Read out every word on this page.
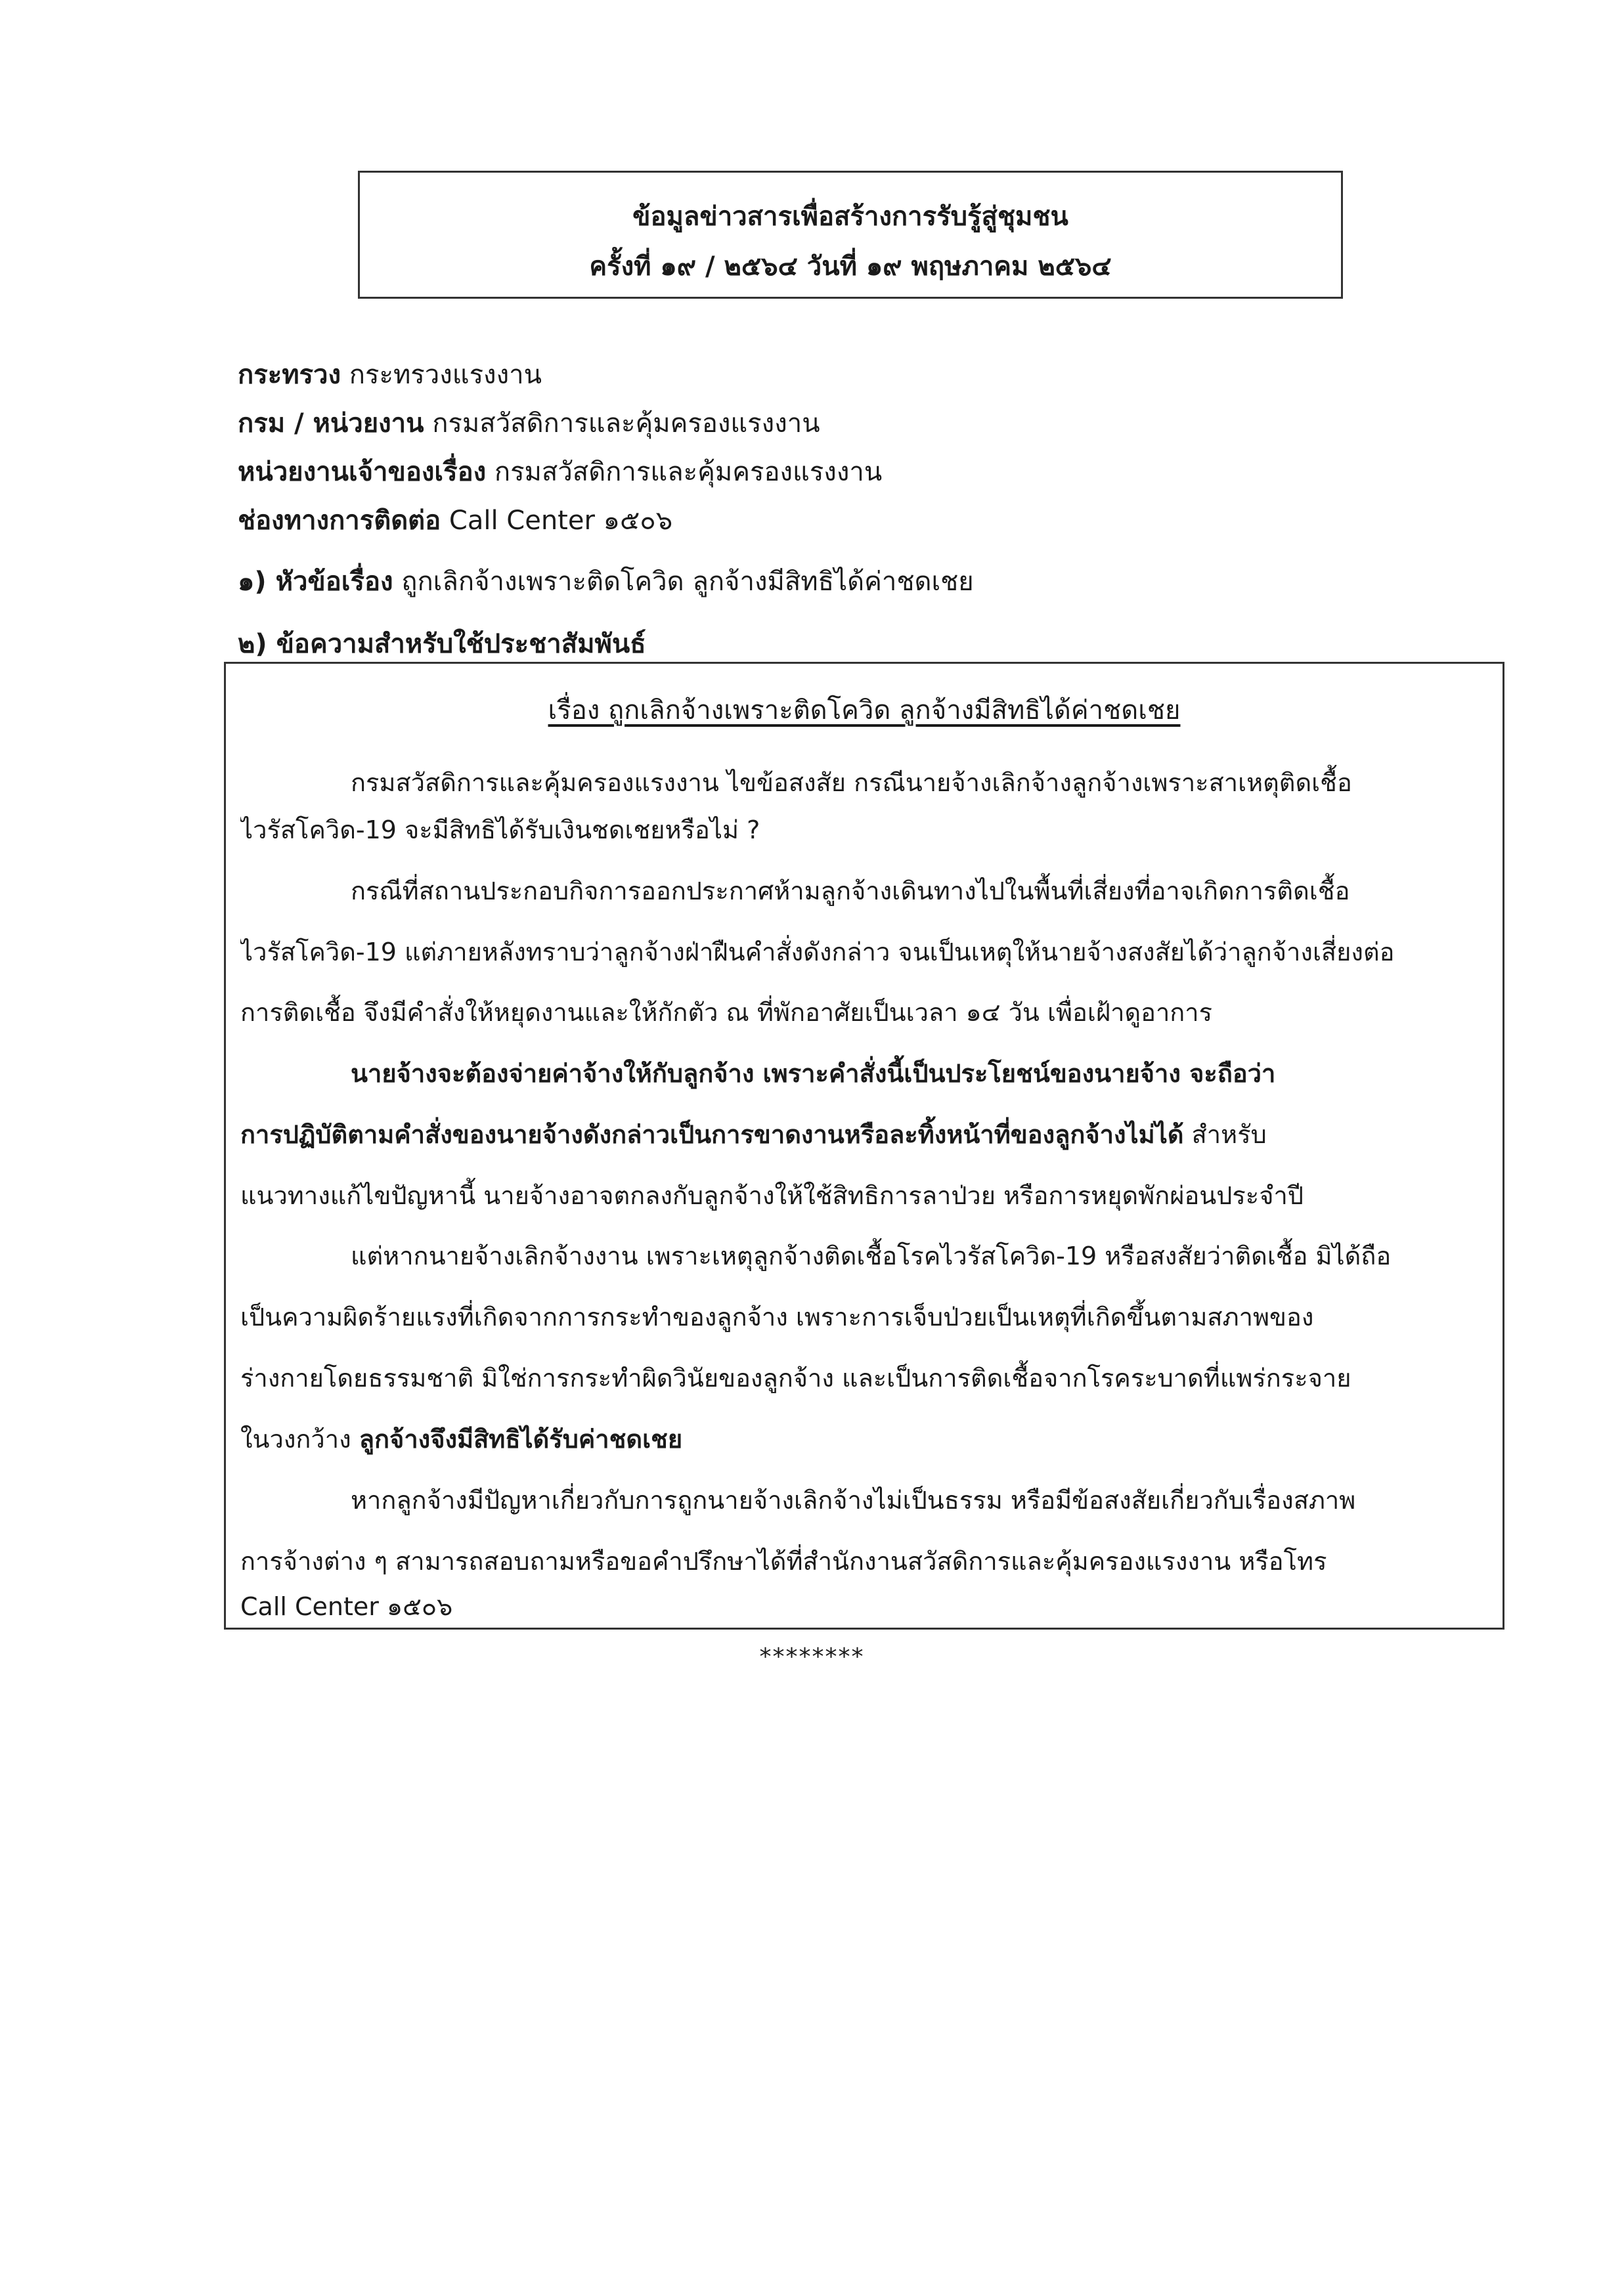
ข้อมูลข่าวสารเพื่อสร้างการรับรู้สู่ชุมชน
ครั้งที่ ๑๙ / ๒๕๖๔ วันที่ ๑๙ พฤษภาคม ๒๕๖๔
กระทรวง กระทรวงแรงงาน
กรม / หน่วยงาน กรมสวัสดิการและคุ้มครองแรงงาน
หน่วยงานเจ้าของเรื่อง กรมสวัสดิการและคุ้มครองแรงงาน
ช่องทางการติดต่อ Call Center ๑๕๐๖
๑) หัวข้อเรื่อง ถูกเลิกจ้างเพราะติดโควิด ลูกจ้างมีสิทธิได้ค่าชดเชย
๒) ข้อความสำหรับใช้ประชาสัมพันธ์
เรื่อง ถูกเลิกจ้างเพราะติดโควิด ลูกจ้างมีสิทธิได้ค่าชดเชย
กรมสวัสดิการและคุ้มครองแรงงาน ไขข้อสงสัย กรณีนายจ้างเลิกจ้างลูกจ้างเพราะสาเหตุติดเชื้อ
ไวรัสโควิด-19 จะมีสิทธิได้รับเงินชดเชยหรือไม่ ?
กรณีที่สถานประกอบกิจการออกประกาศห้ามลูกจ้างเดินทางไปในพื้นที่เสี่ยงที่อาจเกิดการติดเชื้อ
ไวรัสโควิด-19 แต่ภายหลังทราบว่าลูกจ้างฝ่าฝืนคำสั่งดังกล่าว จนเป็นเหตุให้นายจ้างสงสัยได้ว่าลูกจ้างเสี่ยงต่อ
การติดเชื้อ จึงมีคำสั่งให้หยุดงานและให้กักตัว ณ ที่พักอาศัยเป็นเวลา ๑๔ วัน เพื่อเฝ้าดูอาการ
นายจ้างจะต้องจ่ายค่าจ้างให้กับลูกจ้าง เพราะคำสั่งนี้เป็นประโยชน์ของนายจ้าง จะถือว่า
การปฏิบัติตามคำสั่งของนายจ้างดังกล่าวเป็นการขาดงานหรือละทิ้งหน้าที่ของลูกจ้างไม่ได้ สำหรับ
แนวทางแก้ไขปัญหานี้ นายจ้างอาจตกลงกับลูกจ้างให้ใช้สิทธิการลาป่วย หรือการหยุดพักผ่อนประจำปี
แต่หากนายจ้างเลิกจ้างงาน เพราะเหตุลูกจ้างติดเชื้อโรคไวรัสโควิด-19 หรือสงสัยว่าติดเชื้อ มิได้ถือ
เป็นความผิดร้ายแรงที่เกิดจากการกระทำของลูกจ้าง เพราะการเจ็บป่วยเป็นเหตุที่เกิดขึ้นตามสภาพของ
ร่างกายโดยธรรมชาติ มิใช่การกระทำผิดวินัยของลูกจ้าง และเป็นการติดเชื้อจากโรคระบาดที่แพร่กระจาย
ในวงกว้าง ลูกจ้างจึงมีสิทธิได้รับค่าชดเชย
หากลูกจ้างมีปัญหาเกี่ยวกับการถูกนายจ้างเลิกจ้างไม่เป็นธรรม หรือมีข้อสงสัยเกี่ยวกับเรื่องสภาพ
การจ้างต่าง ๆ สามารถสอบถามหรือขอคำปรึกษาได้ที่สำนักงานสวัสดิการและคุ้มครองแรงงาน หรือโทร
Call Center ๑๕๐๖
********
